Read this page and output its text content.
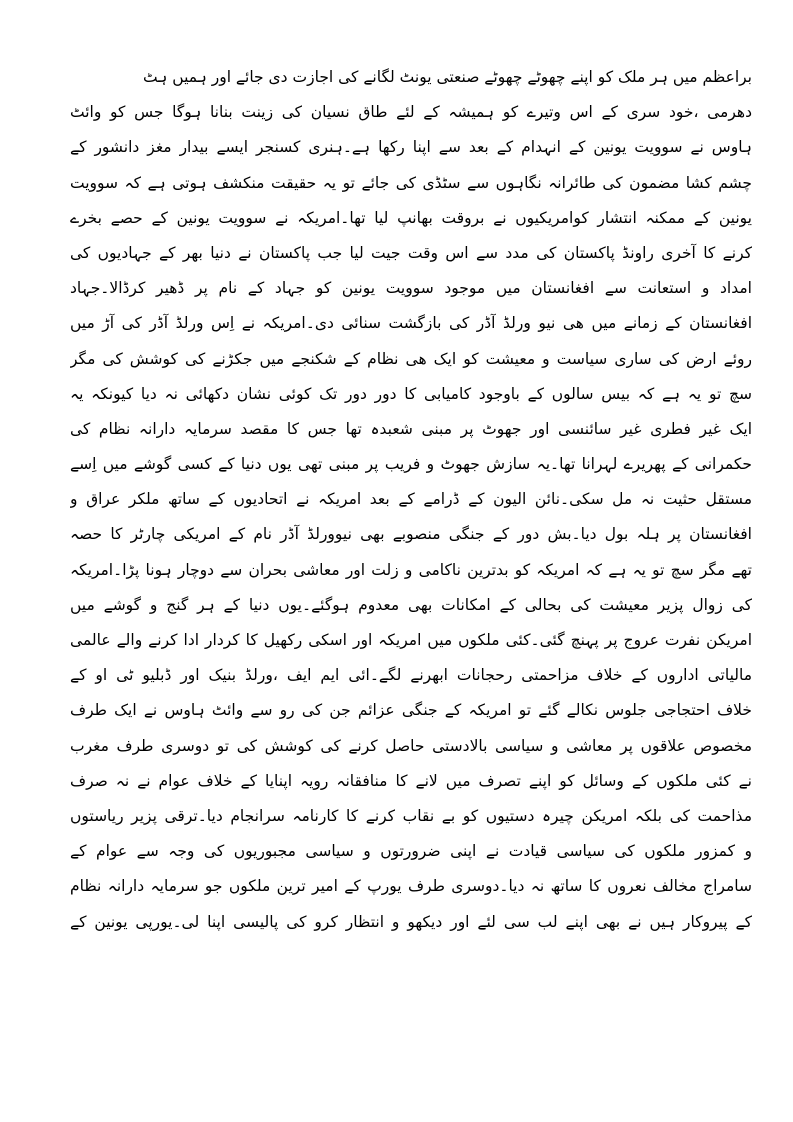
براعظم میں ہر ملک کو اپنے چھوٹے چھوٹے صنعتی یونٹ لگانے کی اجازت دی جائے اور ہمیں ہٹ
دھرمی ،خود سری کے اس وتیرے کو ہمیشہ کے لئے طاق نسیان کی زینت بنانا ہوگا جس کو وائٹ
ہاوس نے سوویت یونین کے انہدام کے بعد سے اپنا رکھا ہے۔ہنری کسنجر ایسے بیدار مغز دانشور کے
چشم کشا مضمون کی طائرانہ نگاہوں سے سٹڈی کی جائے تو یہ حقیقت منکشف ہوتی ہے کہ سوویت
یونین کے ممکنہ انتشار کوامریکیوں نے بروقت بھانپ لیا تھا۔امریکہ نے سوویت یونین کے حصے بخرے
کرنے کا آخری راونڈ پاکستان کی مدد سے اس وقت جیت لیا جب پاکستان نے دنیا بھر کے جہادیوں کی
امداد و استعانت سے افغانستان میں موجود سوویت یونین کو جہاد کے نام پر ڈھیر کرڈالا۔جہاد
افغانستان کے زمانے میں ھی نیو ورلڈ آڈر کی بازگشت سنائی دی۔امریکہ نے اِس ورلڈ آڈر کی آڑ میں
روئے ارض کی ساری سیاست و معیشت کو ایک ھی نظام کے شکنجے میں جکڑنے کی کوشش کی مگر
سچ تو یہ ہے کہ بیس سالوں کے باوجود کامیابی کا دور دور تک کوئی نشان دکھائی نہ دیا کیونکہ یہ
ایک غیر فطری غیر سائنسی اور جھوٹ پر مبنی شعبدہ تھا جس کا مقصد سرمایہ دارانہ نظام کی
حکمرانی کے پھریرے لہرانا تھا۔یہ سازش جھوٹ و فریب پر مبنی تھی یوں دنیا کے کسی گوشے میں اِسے
مستقل حثیت نہ مل سکی۔نائن الیون کے ڈرامے کے بعد امریکہ نے اتحادیوں کے ساتھ ملکر عراق و
افغانستان پر ہلہ بول دیا۔بش دور کے جنگی منصوبے بھی نیوورلڈ آڈر نام کے امریکی چارٹر کا حصہ
تھے مگر سچ تو یہ ہے کہ امریکہ کو بدترین ناکامی و زلت اور معاشی بحران سے دوچار ہونا پڑا۔امریکہ
کی زوال پزیر معیشت کی بحالی کے امکانات بھی معدوم ہوگئے۔یوں دنیا کے ہر گنج و گوشے میں
امریکن نفرت عروج پر پہنچ گئی۔کئی ملکوں میں امریکہ اور اسکی رکھیل کا کردار ادا کرنے والے عالمی
مالیاتی اداروں کے خلاف مزاحمتی رحجانات ابھرنے لگے۔ائی ایم ایف ،ورلڈ بنیک اور ڈبلیو ٹی او کے
خلاف احتجاجی جلوس نکالے گئے تو امریکہ کے جنگی عزائم جن کی رو سے وائٹ ہاوس نے ایک طرف
مخصوص علاقوں پر معاشی و سیاسی بالادستی حاصل کرنے کی کوشش کی تو دوسری طرف مغرب
نے کئی ملکوں کے وسائل کو اپنے تصرف میں لانے کا منافقانہ رویہ اپنایا کے خلاف عوام نے نہ صرف
مذاحمت کی بلکہ امریکن چیرہ دستیوں کو بے نقاب کرنے کا کارنامہ سرانجام دیا۔ترقی پزیر ریاستوں
و کمزور ملکوں کی سیاسی قیادت نے اپنی ضرورتوں و سیاسی مجبوریوں کی وجہ سے عوام کے
سامراج مخالف نعروں کا ساتھ نہ دیا۔دوسری طرف یورپ کے امیر ترین ملکوں جو سرمایہ دارانہ نظام
کے پیروکار ہیں نے بھی اپنے لب سی لئے اور دیکھو و انتظار کرو کی پالیسی اپنا لی۔یورپی یونین کے
